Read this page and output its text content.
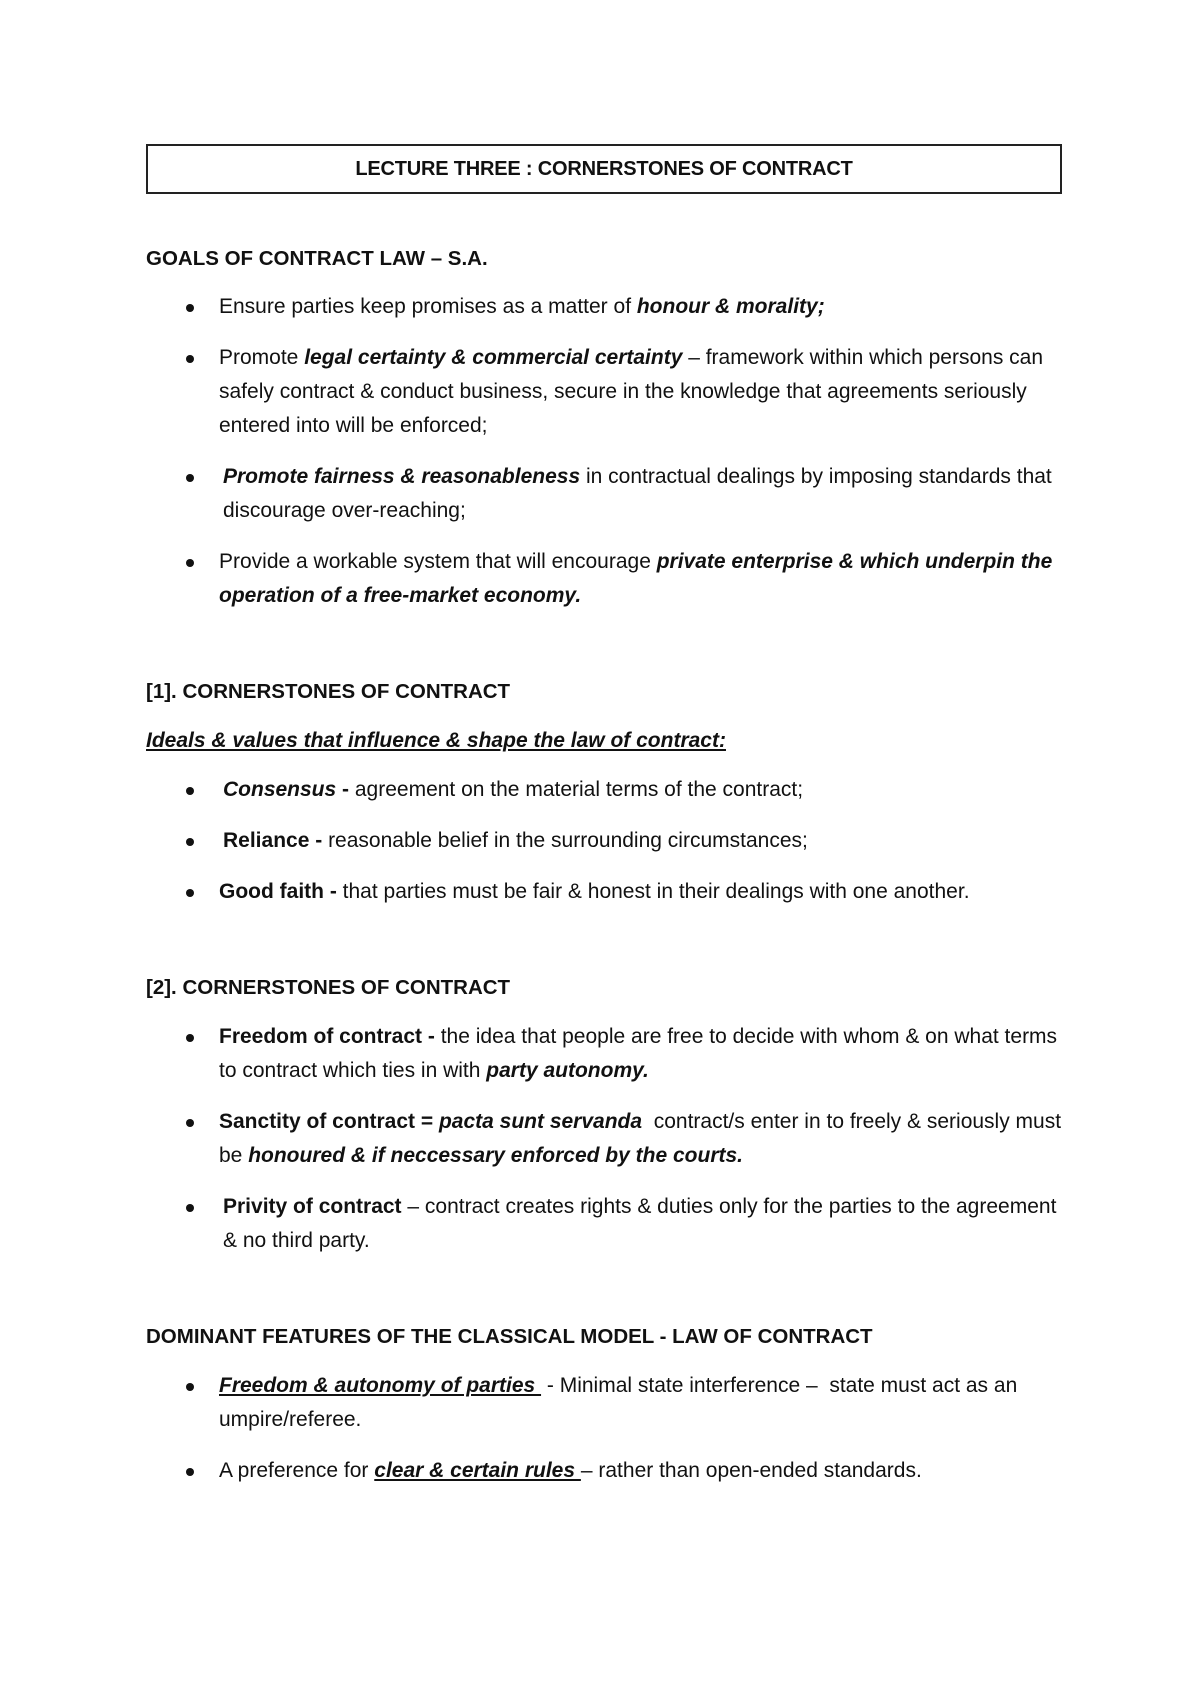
LECTURE THREE : CORNERSTONES OF CONTRACT

GOALS OF CONTRACT LAW – S.A.

Ensure parties keep promises as a matter of honour & morality;
Promote legal certainty & commercial certainty – framework within which persons can safely contract & conduct business, secure in the knowledge that agreements seriously entered into will be enforced;
Promote fairness & reasonableness in contractual dealings by imposing standards that discourage over-reaching;
Provide a workable system that will encourage private enterprise & which underpin the operation of a free-market economy.

[1]. CORNERSTONES OF CONTRACT

Ideals & values that influence & shape the law of contract:

Consensus - agreement on the material terms of the contract;
Reliance - reasonable belief in the surrounding circumstances;
Good faith - that parties must be fair & honest in their dealings with one another.

[2]. CORNERSTONES OF CONTRACT

Freedom of contract - the idea that people are free to decide with whom & on what terms to contract which ties in with party autonomy.
Sanctity of contract = pacta sunt servanda  contract/s enter in to freely & seriously must be honoured & if neccessary enforced by the courts.
Privity of contract – contract creates rights & duties only for the parties to the agreement & no third party.

DOMINANT FEATURES OF THE CLASSICAL MODEL - LAW OF CONTRACT

Freedom & autonomy of parties  - Minimal state interference –  state must act as an umpire/referee.
A preference for clear & certain rules – rather than open-ended standards.
